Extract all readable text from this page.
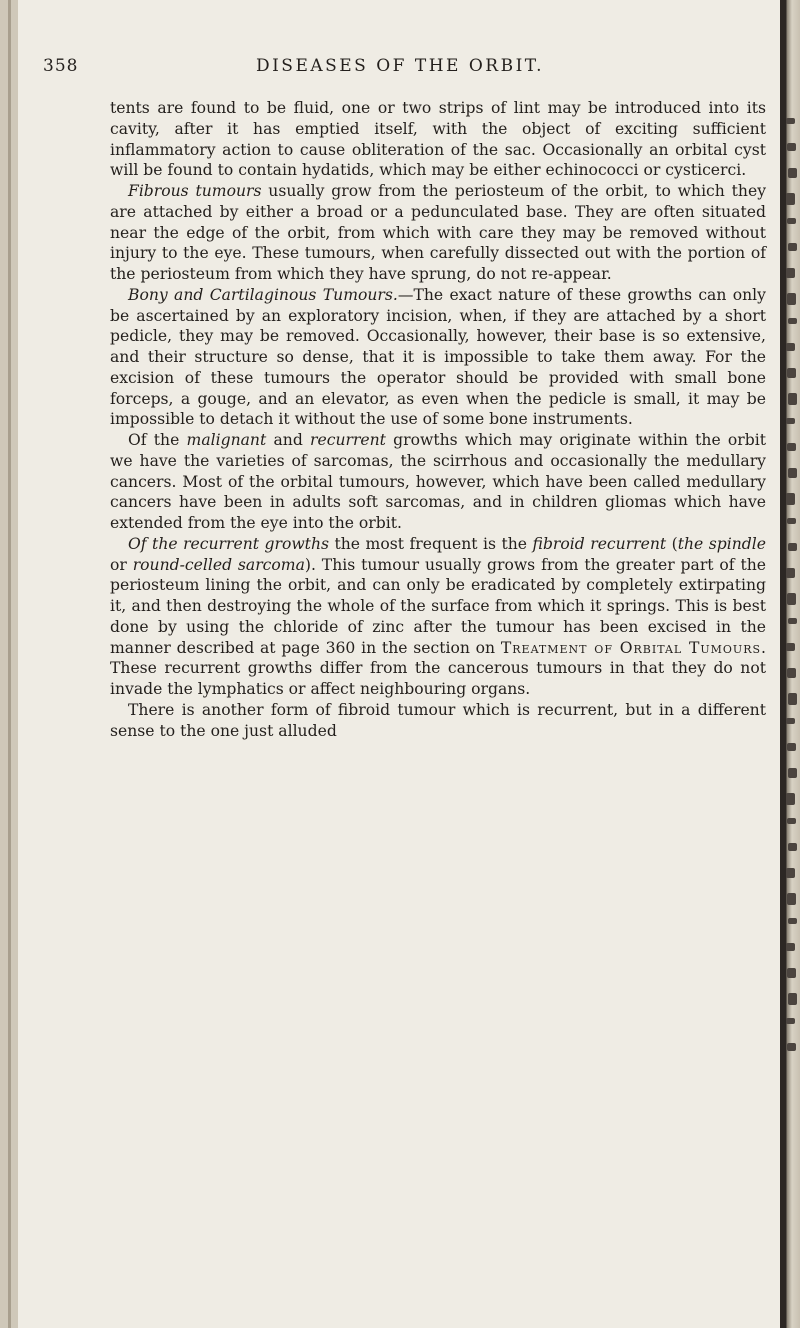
358	DISEASES OF THE ORBIT.

tents are found to be fluid, one or two strips of lint may be introduced into its cavity, after it has emptied itself, with the object of exciting sufficient inflammatory action to cause obliteration of the sac. Occasionally an orbital cyst will be found to contain hydatids, which may be either echinococci or cysticerci.

Fibrous tumours usually grow from the periosteum of the orbit, to which they are attached by either a broad or a pedunculated base. They are often situated near the edge of the orbit, from which with care they may be removed without injury to the eye. These tumours, when carefully dissected out with the portion of the periosteum from which they have sprung, do not re-appear.

Bony and Cartilaginous Tumours.—The exact nature of these growths can only be ascertained by an exploratory incision, when, if they are attached by a short pedicle, they may be removed. Occasionally, however, their base is so extensive, and their structure so dense, that it is impossible to take them away. For the excision of these tumours the operator should be provided with small bone forceps, a gouge, and an elevator, as even when the pedicle is small, it may be impossible to detach it without the use of some bone instruments.

Of the malignant and recurrent growths which may originate within the orbit we have the varieties of sarcomas, the scirrhous and occasionally the medullary cancers. Most of the orbital tumours, however, which have been called medullary cancers have been in adults soft sarcomas, and in children gliomas which have extended from the eye into the orbit.

Of the recurrent growths the most frequent is the fibroid recurrent (the spindle or round-celled sarcoma). This tumour usually grows from the greater part of the periosteum lining the orbit, and can only be eradicated by completely extirpating it, and then destroying the whole of the surface from which it springs. This is best done by using the chloride of zinc after the tumour has been excised in the manner described at page 360 in the section on Treatment of Orbital Tumours. These recurrent growths differ from the cancerous tumours in that they do not invade the lymphatics or affect neighbouring organs.

There is another form of fibroid tumour which is recurrent, but in a different sense to the one just alluded
